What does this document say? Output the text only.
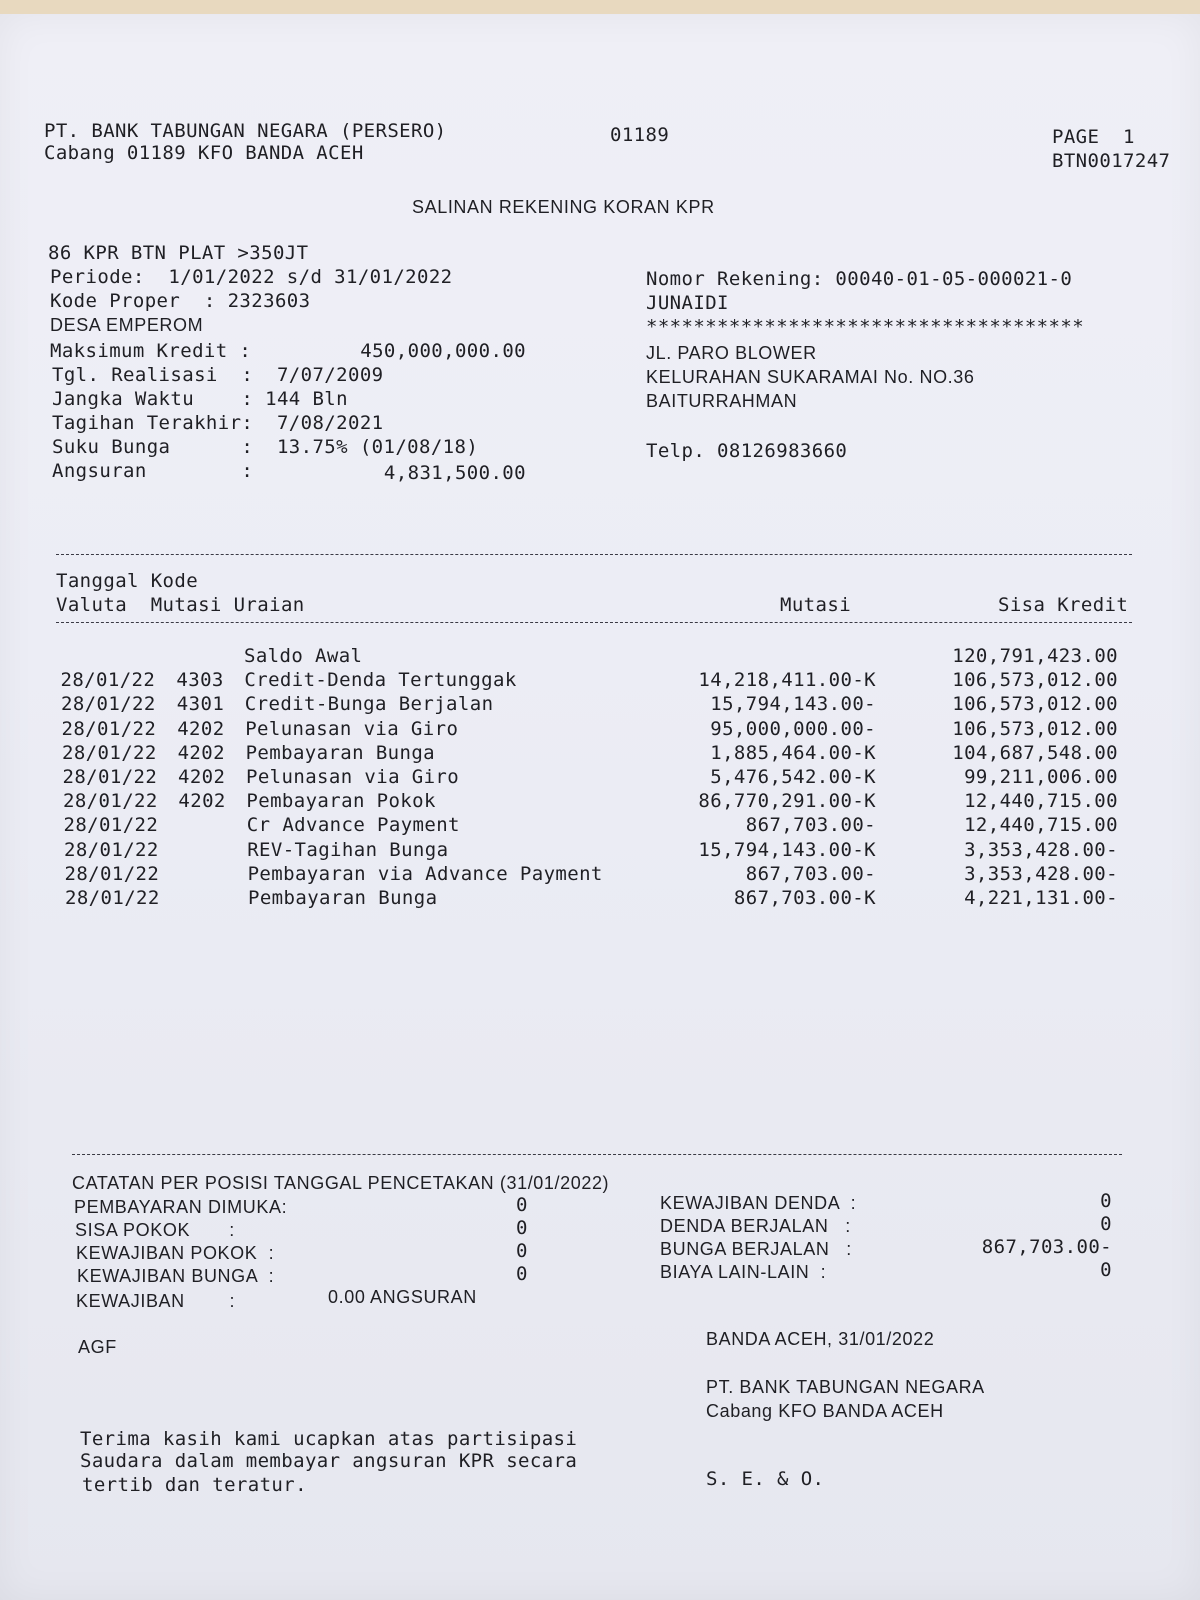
PT. BANK TABUNGAN NEGARA (PERSERO)
Cabang 01189 KFO BANDA ACEH
01189	PAGE  1
BTN0017247
SALINAN REKENING KORAN KPR
86 KPR BTN PLAT >350JT
Periode:  1/01/2022 s/d 31/01/2022
Kode Proper  : 2323603
DESA EMPEROM
Maksimum Kredit :	450,000,000.00
Tgl. Realisasi  :  7/07/2009
Jangka Waktu    : 144 Bln
Tagihan Terakhir:  7/08/2021
Suku Bunga      :  13.75% (01/08/18)
Angsuran        :	4,831,500.00
Nomor Rekening: 00040-01-05-000021-0
JUNAIDI
*************************************
JL. PARO BLOWER
KELURAHAN SUKARAMAI No. NO.36
BAITURRAHMAN
Telp. 08126983660
Tanggal Kode
Valuta  Mutasi Uraian	Mutasi	Sisa Kredit
Saldo Awal	120,791,423.00
28/01/22 4303 Credit-Denda Tertunggak	14,218,411.00-K	106,573,012.00
28/01/22 4301 Credit-Bunga Berjalan	15,794,143.00-	106,573,012.00
28/01/22 4202 Pelunasan via Giro	95,000,000.00-	106,573,012.00
28/01/22 4202 Pembayaran Bunga	1,885,464.00-K	104,687,548.00
28/01/22 4202 Pelunasan via Giro	5,476,542.00-K	99,211,006.00
28/01/22 4202 Pembayaran Pokok	86,770,291.00-K	12,440,715.00
28/01/22	Cr Advance Payment	867,703.00-	12,440,715.00
28/01/22	REV-Tagihan Bunga	15,794,143.00-K	3,353,428.00-
28/01/22	Pembayaran via Advance Payment	867,703.00-	3,353,428.00-
28/01/22	Pembayaran Bunga	867,703.00-K	4,221,131.00-
CATATAN PER POSISI TANGGAL PENCETAKAN (31/01/2022)
PEMBAYARAN DIMUKA:	0
SISA POKOK       :	0
KEWAJIBAN POKOK  :	0
KEWAJIBAN BUNGA  :	0
KEWAJIBAN DENDA  :	0
DENDA BERJALAN   :	0
BUNGA BERJALAN   :	867,703.00-
BIAYA LAIN-LAIN  :	0
KEWAJIBAN        :	0.00 ANGSURAN
AGF	BANDA ACEH, 31/01/2022
PT. BANK TABUNGAN NEGARA
Cabang KFO BANDA ACEH
Terima kasih kami ucapkan atas partisipasi
Saudara dalam membayar angsuran KPR secara
tertib dan teratur.	S. E. & O.
